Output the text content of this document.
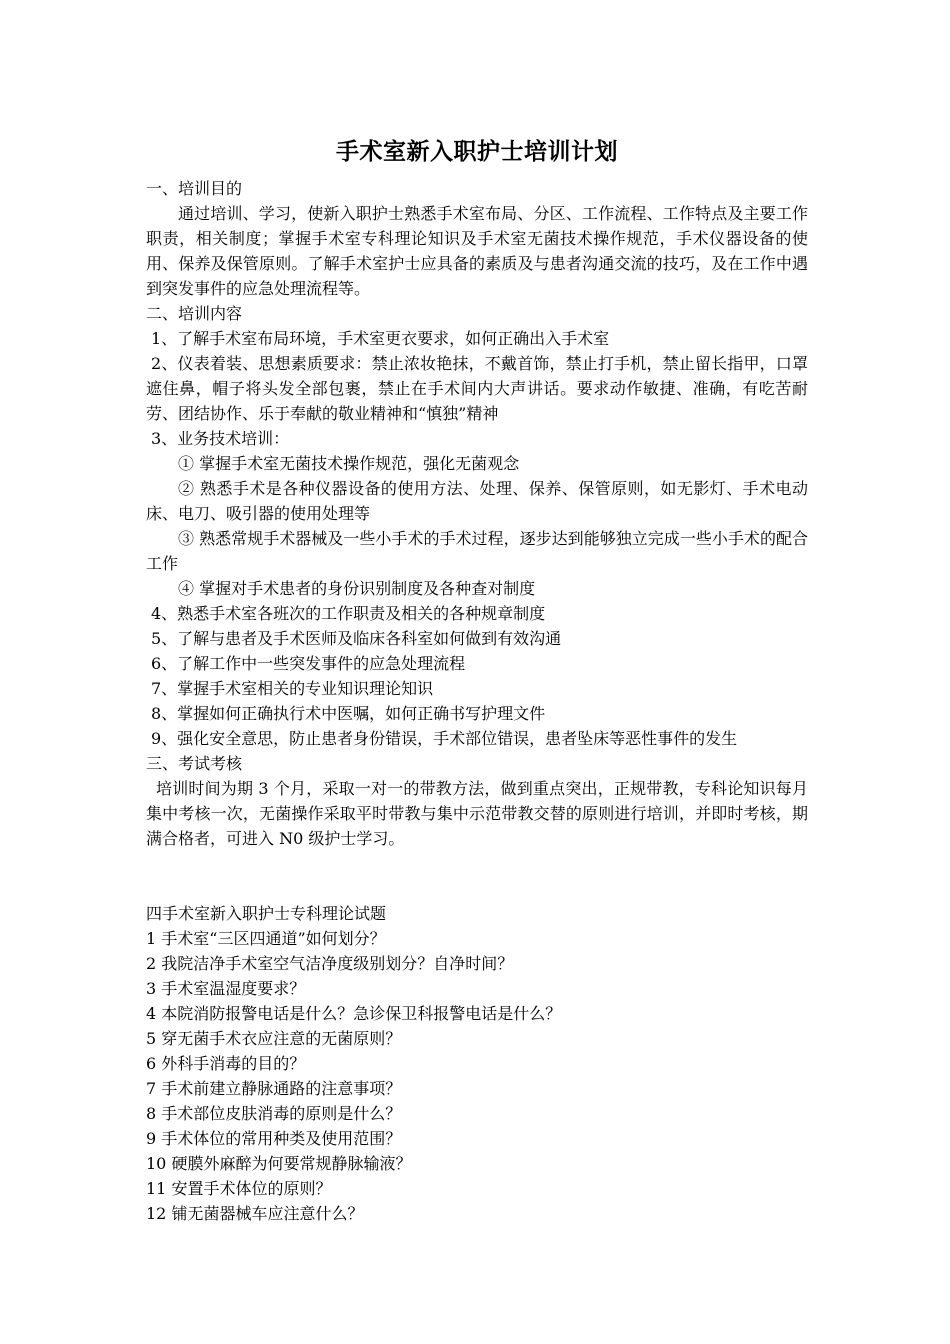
手术室新入职护士培训计划
一、培训目的
通过培训、学习，使新入职护士熟悉手术室布局、分区、工作流程、工作特点及主要工作职责，相关制度；掌握手术室专科理论知识及手术室无菌技术操作规范，手术仪器设备的使用、保养及保管原则。了解手术室护士应具备的素质及与患者沟通交流的技巧，及在工作中遇到突发事件的应急处理流程等。
二、培训内容
1、了解手术室布局环境，手术室更衣要求，如何正确出入手术室
2、仪表着装、思想素质要求：禁止浓妆艳抹，不戴首饰，禁止打手机，禁止留长指甲，口罩遮住鼻，帽子将头发全部包裹，禁止在手术间内大声讲话。要求动作敏捷、准确，有吃苦耐劳、团结协作、乐于奉献的敬业精神和“慎独”精神
3、业务技术培训：
① 掌握手术室无菌技术操作规范，强化无菌观念
② 熟悉手术是各种仪器设备的使用方法、处理、保养、保管原则，如无影灯、手术电动床、电刀、吸引器的使用处理等
③ 熟悉常规手术器械及一些小手术的手术过程，逐步达到能够独立完成一些小手术的配合工作
④ 掌握对手术患者的身份识别制度及各种查对制度
4、熟悉手术室各班次的工作职责及相关的各种规章制度
5、了解与患者及手术医师及临床各科室如何做到有效沟通
6、了解工作中一些突发事件的应急处理流程
7、掌握手术室相关的专业知识理论知识
8、掌握如何正确执行术中医嘱，如何正确书写护理文件
9、强化安全意思，防止患者身份错误，手术部位错误，患者坠床等恶性事件的发生
三、考试考核
培训时间为期 3 个月，采取一对一的带教方法，做到重点突出，正规带教，专科论知识每月集中考核一次，无菌操作采取平时带教与集中示范带教交替的原则进行培训，并即时考核，期满合格者，可进入 N0 级护士学习。
四手术室新入职护士专科理论试题
1 手术室“三区四通道”如何划分？
2 我院洁净手术室空气洁净度级别划分？自净时间？
3 手术室温湿度要求？
4 本院消防报警电话是什么？急诊保卫科报警电话是什么？
5 穿无菌手术衣应注意的无菌原则？
6 外科手消毒的目的？
7 手术前建立静脉通路的注意事项？
8 手术部位皮肤消毒的原则是什么？
9 手术体位的常用种类及使用范围？
10 硬膜外麻醉为何要常规静脉输液？
11 安置手术体位的原则？
12 铺无菌器械车应注意什么？
